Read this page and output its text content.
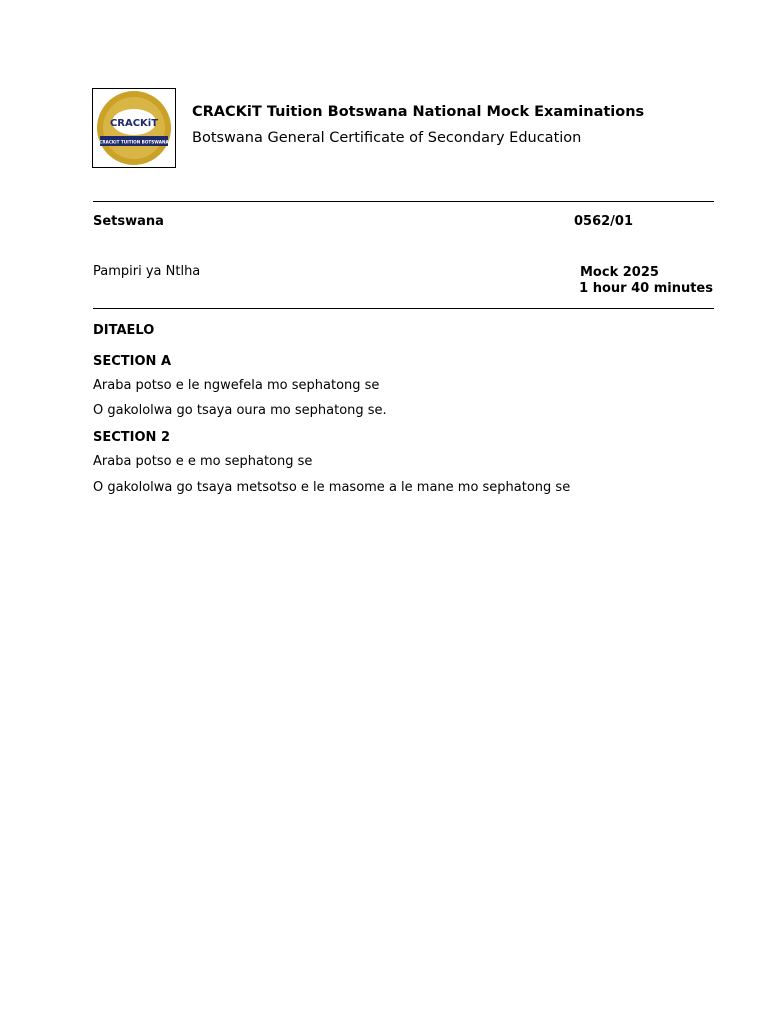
CRACKiT
CRACKiT TUITION BOTSWANA
CRACKiT Tuition Botswana National Mock Examinations
Botswana General Certificate of Secondary Education
Setswana	0562/01
Pampiri ya Ntlha	Mock 2025
1 hour 40 minutes
DITAELO
SECTION A
Araba potso e le ngwefela mo sephatong se
O gakololwa go tsaya oura mo sephatong se.
SECTION 2
Araba potso e e mo sephatong se
O gakololwa go tsaya metsotso e le masome a le mane mo sephatong se
